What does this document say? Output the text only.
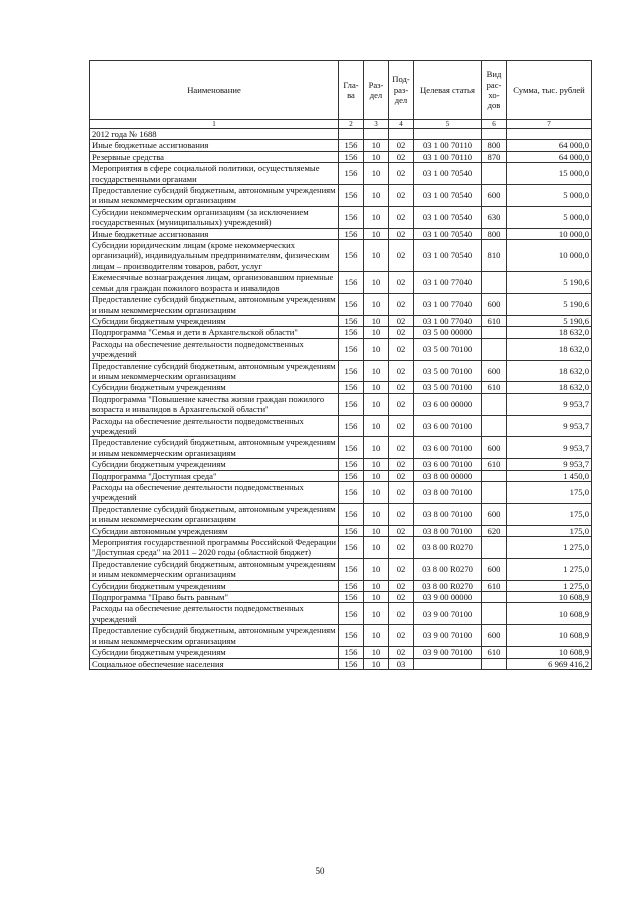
Наименование	Гла-ва	Раз-дел	Под-раз-дел	Целевая статья	Вид рас-хо-дов	Сумма, тыс. рублей
1	2	3	4	5	6	7
2012 года № 1688						
Иные бюджетные ассигнования	156	10	02	03 1 00 70110	800	64 000,0
Резервные средства	156	10	02	03 1 00 70110	870	64 000,0
Мероприятия в сфере социальной политики, осуществляемые государственными органами	156	10	02	03 1 00 70540		15 000,0
Предоставление субсидий бюджетным, автономным учреждениям и иным некоммерческим организациям	156	10	02	03 1 00 70540	600	5 000,0
Субсидии некоммерческим организациям (за исключением государственных (муниципальных) учреждений)	156	10	02	03 1 00 70540	630	5 000,0
Иные бюджетные ассигнования	156	10	02	03 1 00 70540	800	10 000,0
Субсидии юридическим лицам (кроме некоммерческих организаций), индивидуальным предпринимателям, физическим лицам – производителям товаров, работ, услуг	156	10	02	03 1 00 70540	810	10 000,0
Ежемесячные вознаграждения лицам, организовавшим приемные семьи для граждан пожилого возраста и инвалидов	156	10	02	03 1 00 77040		5 190,6
Предоставление субсидий бюджетным, автономным учреждениям и иным некоммерческим организациям	156	10	02	03 1 00 77040	600	5 190,6
Субсидии бюджетным учреждениям	156	10	02	03 1 00 77040	610	5 190,6
Подпрограмма "Семья и дети в Архангельской области"	156	10	02	03 5 00 00000		18 632,0
Расходы на обеспечение деятельности подведомственных учреждений	156	10	02	03 5 00 70100		18 632,0
Предоставление субсидий бюджетным, автономным учреждениям и иным некоммерческим организациям	156	10	02	03 5 00 70100	600	18 632,0
Субсидии бюджетным учреждениям	156	10	02	03 5 00 70100	610	18 632,0
Подпрограмма "Повышение качества жизни граждан пожилого возраста и инвалидов в Архангельской области"	156	10	02	03 6 00 00000		9 953,7
Расходы на обеспечение деятельности подведомственных учреждений	156	10	02	03 6 00 70100		9 953,7
Предоставление субсидий бюджетным, автономным учреждениям и иным некоммерческим организациям	156	10	02	03 6 00 70100	600	9 953,7
Субсидии бюджетным учреждениям	156	10	02	03 6 00 70100	610	9 953,7
Подпрограмма "Доступная среда"	156	10	02	03 8 00 00000		1 450,0
Расходы на обеспечение деятельности подведомственных учреждений	156	10	02	03 8 00 70100		175,0
Предоставление субсидий бюджетным, автономным учреждениям и иным некоммерческим организациям	156	10	02	03 8 00 70100	600	175,0
Субсидии автономным учреждениям	156	10	02	03 8 00 70100	620	175,0
Мероприятия государственной программы Российской Федерации "Доступная среда" на 2011 – 2020 годы (областной бюджет)	156	10	02	03 8 00 R0270		1 275,0
Предоставление субсидий бюджетным, автономным учреждениям и иным некоммерческим организациям	156	10	02	03 8 00 R0270	600	1 275,0
Субсидии бюджетным учреждениям	156	10	02	03 8 00 R0270	610	1 275,0
Подпрограмма "Право быть равным"	156	10	02	03 9 00 00000		10 608,9
Расходы на обеспечение деятельности подведомственных учреждений	156	10	02	03 9 00 70100		10 608,9
Предоставление субсидий бюджетным, автономным учреждениям и иным некоммерческим организациям	156	10	02	03 9 00 70100	600	10 608,9
Субсидии бюджетным учреждениям	156	10	02	03 9 00 70100	610	10 608,9
Социальное обеспечение населения	156	10	03			6 969 416,2
50
